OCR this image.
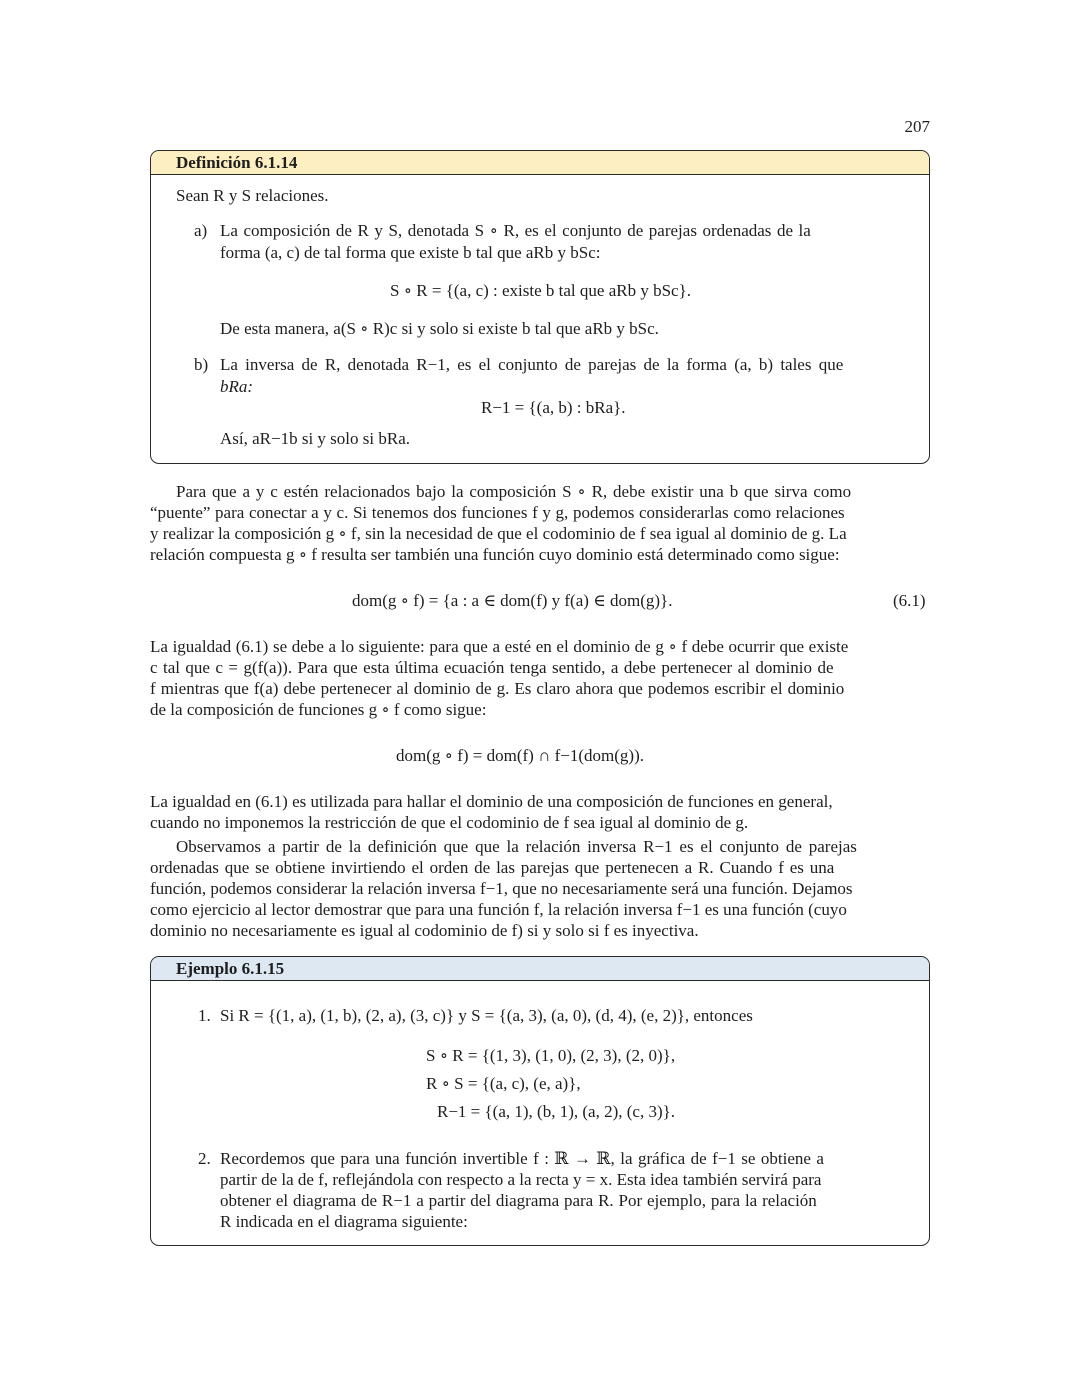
207
Definición 6.1.14
Sean R y S relaciones.
a) La composición de R y S, denotada S ∘ R, es el conjunto de parejas ordenadas de la
forma (a, c) de tal forma que existe b tal que aRb y bSc:
S ∘ R = {(a, c) : existe b tal que aRb y bSc}.
De esta manera, a(S ∘ R)c si y solo si existe b tal que aRb y bSc.
b) La inversa de R, denotada R−1, es el conjunto de parejas de la forma (a, b) tales que
bRa:
R−1 = {(a, b) : bRa}.
Así, aR−1b si y solo si bRa.
Para que a y c estén relacionados bajo la composición S ∘ R, debe existir una b que sirva como
“puente” para conectar a y c. Si tenemos dos funciones f y g, podemos considerarlas como relaciones
y realizar la composición g ∘ f, sin la necesidad de que el codominio de f sea igual al dominio de g. La
relación compuesta g ∘ f resulta ser también una función cuyo dominio está determinado como sigue:
dom(g ∘ f) = {a : a ∈ dom(f) y f(a) ∈ dom(g)}.	(6.1)
La igualdad (6.1) se debe a lo siguiente: para que a esté en el dominio de g ∘ f debe ocurrir que existe
c tal que c = g(f(a)). Para que esta última ecuación tenga sentido, a debe pertenecer al dominio de
f mientras que f(a) debe pertenecer al dominio de g. Es claro ahora que podemos escribir el dominio
de la composición de funciones g ∘ f como sigue:
dom(g ∘ f) = dom(f) ∩ f−1(dom(g)).
La igualdad en (6.1) es utilizada para hallar el dominio de una composición de funciones en general,
cuando no imponemos la restricción de que el codominio de f sea igual al dominio de g.
Observamos a partir de la definición que que la relación inversa R−1 es el conjunto de parejas
ordenadas que se obtiene invirtiendo el orden de las parejas que pertenecen a R. Cuando f es una
función, podemos considerar la relación inversa f−1, que no necesariamente será una función. Dejamos
como ejercicio al lector demostrar que para una función f, la relación inversa f−1 es una función (cuyo
dominio no necesariamente es igual al codominio de f) si y solo si f es inyectiva.
Ejemplo 6.1.15
1. Si R = {(1, a), (1, b), (2, a), (3, c)} y S = {(a, 3), (a, 0), (d, 4), (e, 2)}, entonces
S ∘ R = {(1, 3), (1, 0), (2, 3), (2, 0)},
R ∘ S = {(a, c), (e, a)},
R−1 = {(a, 1), (b, 1), (a, 2), (c, 3)}.
2. Recordemos que para una función invertible f : ℝ → ℝ, la gráfica de f−1 se obtiene a
partir de la de f, reflejándola con respecto a la recta y = x. Esta idea también servirá para
obtener el diagrama de R−1 a partir del diagrama para R. Por ejemplo, para la relación
R indicada en el diagrama siguiente:
